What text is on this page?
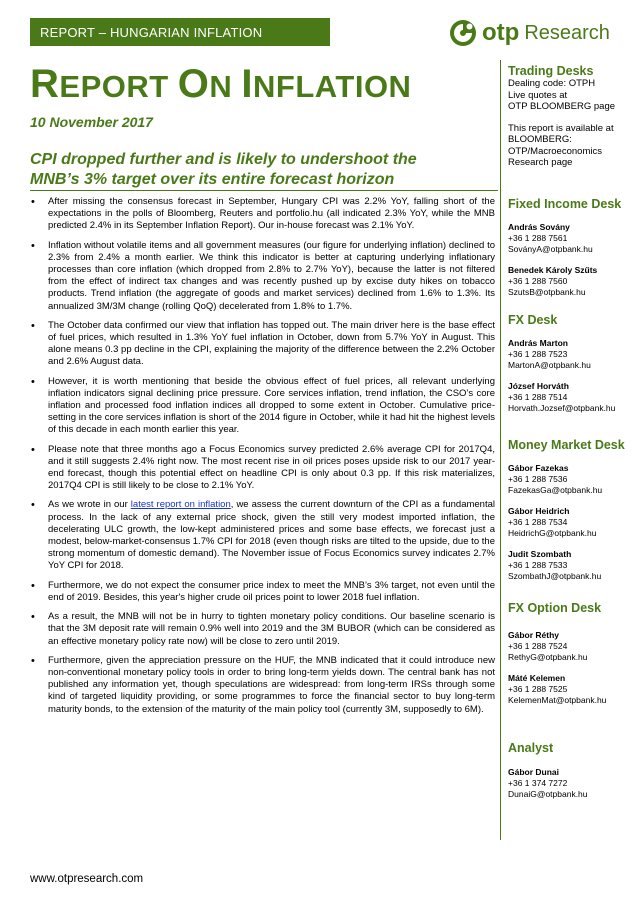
REPORT – HUNGARIAN INFLATION	otp Research
REPORT ON INFLATION
10 November 2017
CPI dropped further and is likely to undershoot the MNB’s 3% target over its entire forecast horizon
• After missing the consensus forecast in September, Hungary CPI was 2.2% YoY, falling short of the expectations in the polls of Bloomberg, Reuters and portfolio.hu (all indicated 2.3% YoY, while the MNB predicted 2.4% in its September Inflation Report). Our in-house forecast was 2.1% YoY.
• Inflation without volatile items and all government measures (our figure for underlying inflation) declined to 2.3% from 2.4% a month earlier. We think this indicator is better at capturing underlying inflationary processes than core inflation (which dropped from 2.8% to 2.7% YoY), because the latter is not filtered from the effect of indirect tax changes and was recently pushed up by excise duty hikes on tobacco products. Trend inflation (the aggregate of goods and market services) declined from 1.6% to 1.3%. Its annualized 3M/3M change (rolling QoQ) decelerated from 1.8% to 1.7%.
• The October data confirmed our view that inflation has topped out. The main driver here is the base effect of fuel prices, which resulted in 1.3% YoY fuel inflation in October, down from 5.7% YoY in August. This alone means 0.3 pp decline in the CPI, explaining the majority of the difference between the 2.2% October and 2.6% August data.
• However, it is worth mentioning that beside the obvious effect of fuel prices, all relevant underlying inflation indicators signal declining price pressure. Core services inflation, trend inflation, the CSO’s core inflation and processed food inflation indices all dropped to some extent in October. Cumulative price-setting in the core services inflation is short of the 2014 figure in October, while it had hit the highest levels of this decade in each month earlier this year.
• Please note that three months ago a Focus Economics survey predicted 2.6% average CPI for 2017Q4, and it still suggests 2.4% right now. The most recent rise in oil prices poses upside risk to our 2017 year-end forecast, though this potential effect on headline CPI is only about 0.3 pp. If this risk materializes, 2017Q4 CPI is still likely to be close to 2.1% YoY.
• As we wrote in our latest report on inflation, we assess the current downturn of the CPI as a fundamental process. In the lack of any external price shock, given the still very modest imported inflation, the decelerating ULC growth, the low-kept administered prices and some base effects, we forecast just a modest, below-market-consensus 1.7% CPI for 2018 (even though risks are tilted to the upside, due to the strong momentum of domestic demand). The November issue of Focus Economics survey indicates 2.7% YoY CPI for 2018.
• Furthermore, we do not expect the consumer price index to meet the MNB’s 3% target, not even until the end of 2019. Besides, this year's higher crude oil prices point to lower 2018 fuel inflation.
• As a result, the MNB will not be in hurry to tighten monetary policy conditions. Our baseline scenario is that the 3M deposit rate will remain 0.9% well into 2019 and the 3M BUBOR (which can be considered as an effective monetary policy rate now) will be close to zero until 2019.
• Furthermore, given the appreciation pressure on the HUF, the MNB indicated that it could introduce new non-conventional monetary policy tools in order to bring long-term yields down. The central bank has not published any information yet, though speculations are widespread: from long-term IRSs through some kind of targeted liquidity providing, or some programmes to force the financial sector to buy long-term maturity bonds, to the extension of the maturity of the main policy tool (currently 3M, supposedly to 6M).
www.otpresearch.com
Trading Desks
Dealing code: OTPH
Live quotes at
OTP BLOOMBERG page
This report is available at
BLOOMBERG:
OTP/Macroeconomics
Research page
Fixed Income Desk
András Sovány
+36 1 288 7561
SoványA@otpbank.hu
Benedek Károly Szűts
+36 1 288 7560
SzutsB@otpbank.hu
FX Desk
András Marton
+36 1 288 7523
MartonA@otpbank.hu
József Horváth
+36 1 288 7514
Horvath.Jozsef@otpbank.hu
Money Market Desk
Gábor Fazekas
+36 1 288 7536
FazekasGa@otpbank.hu
Gábor Heidrich
+36 1 288 7534
HeidrichG@otpbank.hu
Judit Szombath
+36 1 288 7533
SzombathJ@otpbank.hu
FX Option Desk
Gábor Réthy
+36 1 288 7524
RethyG@otpbank.hu
Máté Kelemen
+36 1 288 7525
KelemenMat@otpbank.hu
Analyst
Gábor Dunai
+36 1 374 7272
DunaiG@otpbank.hu
